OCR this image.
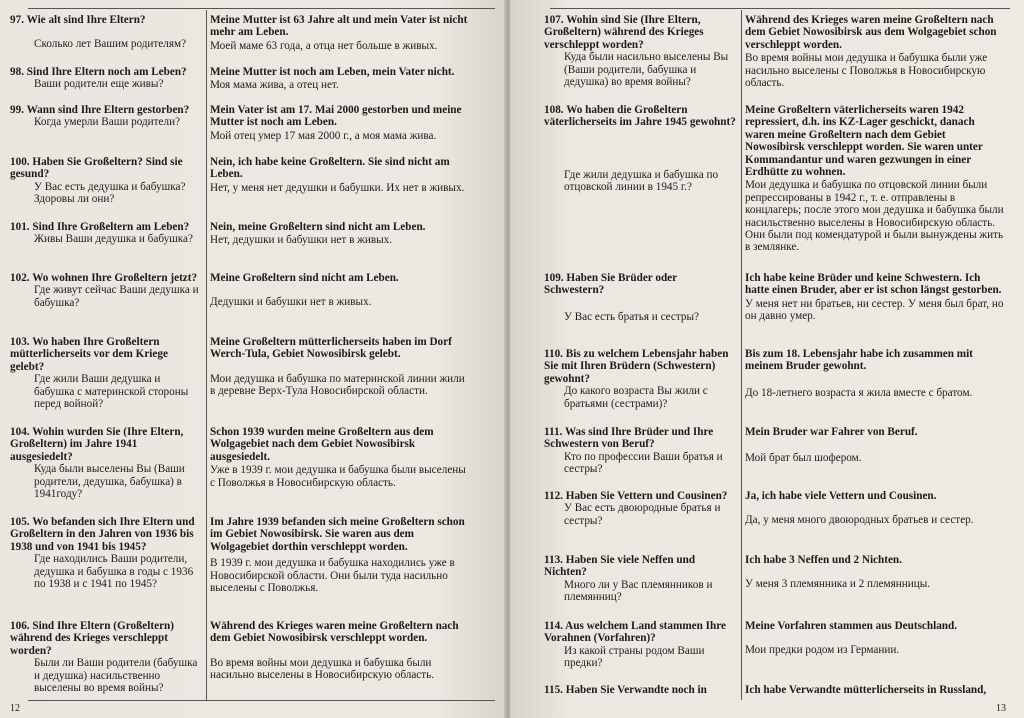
97. Wie alt sind Ihre Eltern?
Сколько лет Вашим родителям?
Meine Mutter ist 63 Jahre alt und mein Vater ist nicht mehr am Leben.
Моей маме 63 года, а отца нет больше в живых.
98. Sind Ihre Eltern noch am Leben?
Ваши родители еще живы?
Meine Mutter ist noch am Leben, mein Vater nicht.
Моя мама жива, а отец нет.
99. Wann sind Ihre Eltern gestorben?
Когда умерли Ваши родители?
Mein Vater ist am 17. Mai 2000 gestorben und meine Mutter ist noch am Leben.
Мой отец умер 17 мая 2000 г., а моя мама жива.
100. Haben Sie Großeltern? Sind sie gesund?
У Вас есть дедушка и бабушка? Здоровы ли они?
Nein, ich habe keine Großeltern. Sie sind nicht am Leben.
Нет, у меня нет дедушки и бабушки. Их нет в живых.
101. Sind Ihre Großeltern am Leben?
Живы Ваши дедушка и бабушка?
Nein, meine Großeltern sind nicht am Leben.
Нет, дедушки и бабушки нет в живых.
102. Wo wohnen Ihre Großeltern jetzt?
Где живут сейчас Ваши дедушка и бабушка?
Meine Großeltern sind nicht am Leben.
Дедушки и бабушки нет в живых.
103. Wo haben Ihre Großeltern mütterlicherseits vor dem Kriege gelebt?
Где жили Ваши дедушка и бабушка с материнской стороны перед войной?
Meine Großeltern mütterlicherseits haben im Dorf Werch-Tula, Gebiet Nowosibirsk gelebt.
Мои дедушка и бабушка по материнской линии жили в деревне Верх-Тула Новосибирской области.
104. Wohin wurden Sie (Ihre Eltern, Großeltern) im Jahre 1941 ausgesiedelt?
Куда были выселены Вы (Ваши родители, дедушка, бабушка) в 1941году?
Schon 1939 wurden meine Großeltern aus dem Wolgagebiet nach dem Gebiet Nowosibirsk ausgesiedelt.
Уже в 1939 г. мои дедушка и бабушка были выселены с Поволжья в Новосибирскую область.
105. Wo befanden sich Ihre Eltern und Großeltern in den Jahren von 1936 bis 1938 und von 1941 bis 1945?
Где находились Ваши родители, дедушка и бабушка в годы с 1936 по 1938 и с 1941 по 1945?
Im Jahre 1939 befanden sich meine Großeltern schon im Gebiet Nowosibirsk. Sie waren aus dem Wolgagebiet dorthin verschleppt worden.
В 1939 г. мои дедушка и бабушка находились уже в Новосибирской области. Они были туда насильно выселены с Поволжья.
106. Sind Ihre Eltern (Großeltern) während des Krieges verschleppt worden?
Были ли Ваши родители (бабушка и дедушка) насильственно выселены во время войны?
Während des Krieges waren meine Großeltern nach dem Gebiet Nowosibirsk verschleppt worden.
Во время войны мои дедушка и бабушка были насильно выселены в Новосибирскую область.
12
107. Wohin sind Sie (Ihre Eltern, Großeltern) während des Krieges verschleppt worden?
Куда были насильно выселены Вы (Ваши родители, бабушка и дедушка) во время войны?
Während des Krieges waren meine Großeltern nach dem Gebiet Nowosibirsk aus dem Wolgagebiet schon verschleppt worden.
Во время войны мои дедушка и бабушка были уже насильно выселены с Поволжья в Новосибирскую область.
108. Wo haben die Großeltern väterlicherseits im Jahre 1945 gewohnt?
Где жили дедушка и бабушка по отцовской линии в 1945 г.?
Meine Großeltern väterlicherseits waren 1942 repressiert, d.h. ins KZ-Lager geschickt, danach waren meine Großeltern nach dem Gebiet Nowosibirsk verschleppt worden. Sie waren unter Kommandantur und waren gezwungen in einer Erdhütte zu wohnen.
Мои дедушка и бабушка по отцовской линии были репрессированы в 1942 г., т. е. отправлены в концлагерь; после этого мои дедушка и бабушка были насильственно выселены в Новосибирскую область. Они были под комендатурой и были вынуждены жить в землянке.
109. Haben Sie Brüder oder Schwestern?
У Вас есть братья и сестры?
Ich habe keine Brüder und keine Schwestern. Ich hatte einen Bruder, aber er ist schon längst gestorben.
У меня нет ни братьев, ни сестер. У меня был брат, но он давно умер.
110. Bis zu welchem Lebensjahr haben Sie mit Ihren Brüdern (Schwestern) gewohnt?
До какого возраста Вы жили с братьями (сестрами)?
Bis zum 18. Lebensjahr habe ich zusammen mit meinem Bruder gewohnt.
До 18-летнего возраста я жила вместе с братом.
111. Was sind Ihre Brüder und Ihre Schwestern von Beruf?
Кто по профессии Ваши братья и сестры?
Mein Bruder war Fahrer von Beruf.
Мой брат был шофером.
112. Haben Sie Vettern und Cousinen?
У Вас есть двоюродные братья и сестры?
Ja, ich habe viele Vettern und Cousinen.
Да, у меня много двоюродных братьев и сестер.
113. Haben Sie viele Neffen und Nichten?
Много ли у Вас племянников и племянниц?
Ich habe 3 Neffen und 2 Nichten.
У меня 3 племянника и 2 племянницы.
114. Aus welchem Land stammen Ihre Vorahnen (Vorfahren)?
Из какой страны родом Ваши предки?
Meine Vorfahren stammen aus Deutschland.
Мои предки родом из Германии.
115. Haben Sie Verwandte noch in	Ich habe Verwandte mütterlicherseits in Russland,
13
